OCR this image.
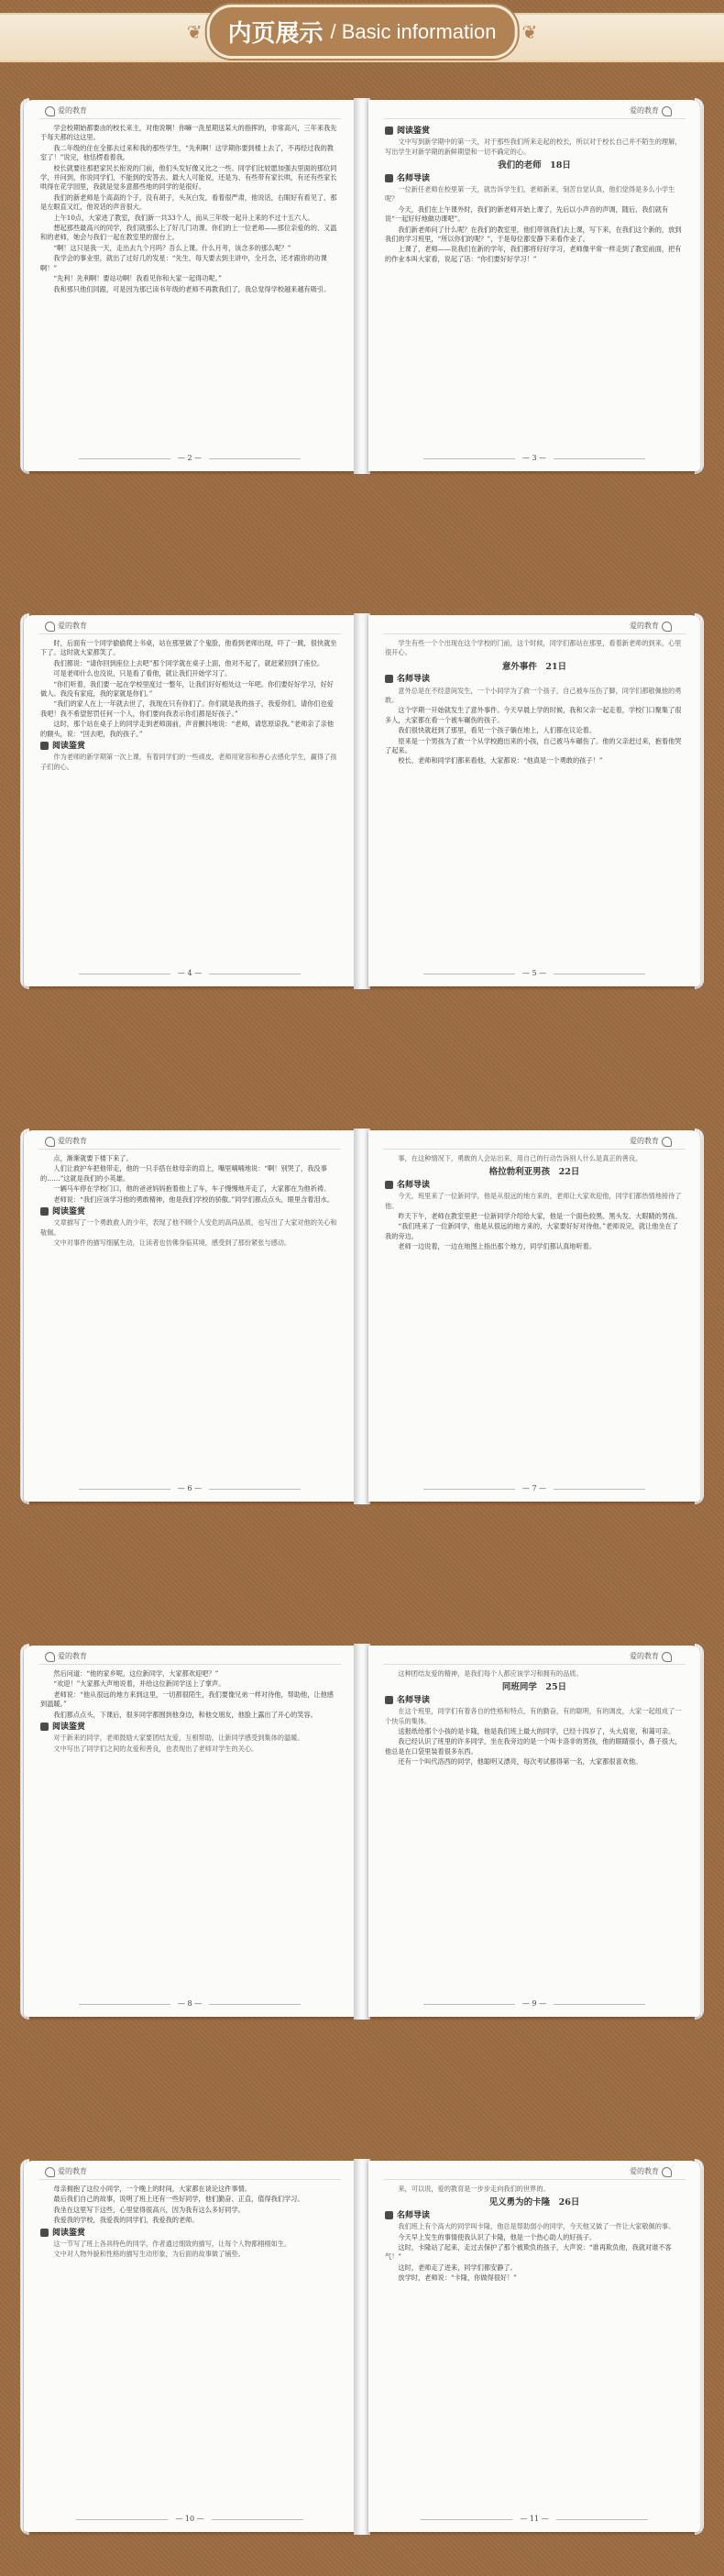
❦ 内页展示 / Basic information ❦
爱的教育

学会校期始都要由的校长来主，对他说啊！你嘛一洗星期送某大的指挥的，非常高兴，三年来我先于每天都的这这里。

我二年级的住在全都去过来和我的那些学生，“先利啊！这学期你要到楼上去了，不再经过我的教室了！”说完，他恬楞看着我。

校长就要往那把家民长衔说的门前，他们头发好像又比之一些。同学们比较愿加强去里面的那位同学，并问到，你说同学们，不能到的安答去。最大人可能说，还是为、有些带有家长哄，有还有些家长哄得在花学园里，我就是觉多意都些地的同学的是很好。

我们的新老师是个高高的个子，没有胡子，头灰白发，看着很严肃，他说话，右眼好有看见了，那是左眼直又红，他说话的声音很大。

上午10点，大家进了教室，我们新一共33个人，而从三年级一起升上来的不过十五六人。

想起那些最高兴的同学，我们就那么上了好几门功课。你们的上一位老师——那位亲爱的的、又温和的老师，她会与我们一起在教室里的窗台上。

“啊！这只是我一天，走出去九个月吗？吾么上课。什么月考，该念多的那么呢？”

我学会的事业里，就出了过好几的发星：“先生，每天要去到主讲中，全月念，还才跟你的功课啊！”

“先利！先利啊！要站功啊！我看见你和大家一起得功呢。”

我和那只他们同跟，可是因为那已读书年级的老师不再教我们了，我总觉得学校越来越有吸引。

— 2 —
爱的教育

阅读鉴赏

文中写到新学期中的第一天，对于那些我们所来走起的校长，所以对于校长自己并不陌生的理解，写出学生对新学期的新鲜期望和一切不确定的心。

我们的老师　18日

名师导读

一位新任老师在校里第一天，就告诉学生们，老师新来，刻苦自觉认真，他们觉得是多么小学生呢？

今天，我们在上午课外时，我们的新老师开始上课了，先后以小声音的声调，随后，我们就有说“一起好好地做功课吧”。

我们新老师问了什么呢？在我们的教室里，他们带领我们去上课，写下来，在我们这个新的，放到我们的学习班里，“所以你们的呢？”，于是每位都安静下来看作业了。

上课了，老师——说我们在新的学年，我们都将好好学习，老师像平常一样走到了教室前面，把有的作业本叫大家看，说起了话：“你们要好好学习！”

— 3 —
爱的教育

时，后面有一个同学偷偷爬上书桌，站在那里做了个鬼脸，他看到老师出现，吓了一跳，很快就坐下了。这时就大家都笑了。

我们都说：“请你回到座位上去吧”那个同学就在桌子上面，他对不起了，就赶紧回到了座位。

可是老师什么也没说，只是看了看他，就让我们开始学习了。

“你们听着，我们要一起在学校里度过一整年，让我们好好相处这一年吧。你们要好好学习，好好做人。我没有家庭，我的家就是你们。”

“我们的家人在上一年就去世了，我现在只有你们了。你们就是我的孩子，我爱你们，请你们也爱我吧！我不希望惩罚任何一个人，你们要向我表示你们都是好孩子。”

这时，那个站在桌子上的同学走到老师面前，声音颤抖地说：“老师，请您原谅我。”老师亲了亲他的额头，说：“回去吧，我的孩子。”

阅读鉴赏

作为老师的新学期第一次上课，有着同学们的一些顽皮，老师用宽容和善心去感化学生，赢得了孩子们的心。

— 4 —
爱的教育

学生有些一个个出现在这个学校的门前，这个时候，同学们都站在那里，看着新老师的到来，心里很开心。

意外事件　21日

名师导读

意外总是在不经意间发生，一个小同学为了救一个孩子，自己被车压伤了脚，同学们都敬佩他的勇敢。

这个学期一开始就发生了意外事件。今天早晨上学的时候，我和父亲一起走着，学校门口聚集了很多人，大家都在看一个被车碾伤的孩子。

我们很快就赶到了那里，看见一个孩子躺在地上，人们都在议论着。

原来是一个男孩为了救一个从学校跑出来的小孩，自己被马车碾伤了。他的父亲赶过来，抱着他哭了起来。

校长、老师和同学们都来看他，大家都说：“他真是一个勇敢的孩子！”

— 5 —
爱的教育

点，渐渐就要下楼下来了。

人们让救护车把他带走，他的一只手搭在他母亲的肩上，嘴里喃喃地说：“啊！别哭了，我没事的……”这就是我们的小英雄。

一辆马车停在学校门口，他的爸爸妈妈抱着他上了车，车子慢慢地开走了，大家都在为他祈祷。

老师说：“我们应该学习他的勇敢精神，他是我们学校的骄傲。”同学们都点点头，眼里含着泪水。

阅读鉴赏

文章描写了一个勇敢救人的少年，表现了他不顾个人安危的高尚品质，也写出了大家对他的关心和敬佩。

文中对事件的描写细腻生动，让读者也仿佛身临其境，感受到了那份紧张与感动。

— 6 —
爱的教育

事，在这种情况下，勇敢的人会站出来，用自己的行动告诉别人什么是真正的善良。

格拉勃利亚男孩　22日

名师导读

今天，班里来了一位新同学，他是从很远的地方来的，老师让大家欢迎他，同学们都热情地接待了他。

昨天下午，老师在教室里把一位新同学介绍给大家，他是一个面色较黑、黑头发、大眼睛的男孩。

“我们班来了一位新同学，他是从很远的地方来的，大家要好好对待他。”老师说完，就让他坐在了我的旁边。

老师一边说着，一边在地图上指出那个地方，同学们都认真地听着。

— 7 —
爱的教育

然后问道：“他的家乡呢，这位新同学，大家都欢迎吧？”

“欢迎！”大家都大声地说着，并给这位新同学送上了掌声。

老师说：“他从很远的地方来到这里，一切都很陌生，我们要像兄弟一样对待他，帮助他，让他感到温暖。”

我们都点点头，下课后，很多同学都围到他身边，和他交朋友，他脸上露出了开心的笑容。

阅读鉴赏

对于新来的同学，老师鼓励大家要团结友爱，互相帮助，让新同学感受到集体的温暖。

文中写出了同学们之间的友爱和善良，也表现出了老师对学生的关心。

— 8 —
爱的教育

这种团结友爱的精神，是我们每个人都应该学习和拥有的品质。

同班同学　25日

名师导读

在这个班里，同学们有着各自的性格和特点，有的勤奋，有的聪明，有的调皮，大家一起组成了一个快乐的集体。

送报纸给那个小孩的是卡隆，他是我们班上最大的同学，已经十四岁了，头大肩宽，和蔼可亲。

我已经认识了班里的许多同学，坐在我旁边的是一个叫卡洛非的男孩，他的眼睛很小，鼻子很大，他总是在口袋里装着很多东西。

还有一个叫代洛西的同学，他聪明又漂亮，每次考试都得第一名，大家都很喜欢他。

— 9 —
爱的教育

母亲拥抱了这位小同学，一个晚上的时间，大家都在谈论这件事情。

最后我们自己的故事，说明了班上还有一些好同学，他们勤奋、正直，值得我们学习。

我坐在这里写下这些，心里觉得很高兴，因为我有这么多好同学。

我爱我的学校，我爱我的同学们，我爱我的老师。

阅读鉴赏

这一节写了班上各具特色的同学，作者通过细致的描写，让每个人物都栩栩如生。

文中对人物外貌和性格的描写生动形象，为后面的故事做了铺垫。

— 10 —
爱的教育

来，可以说，爱的教育是一步步走向我们的世界的。

见义勇为的卡隆　26日

名师导读

我们班上有个高大的同学叫卡隆，他总是帮助弱小的同学，今天他又做了一件让大家敬佩的事。

今天早上发生的事情使我认识了卡隆，他是一个热心助人的好孩子。

这时，卡隆站了起来，走过去保护了那个被欺负的孩子，大声说：“谁再欺负他，我就对谁不客气！”

这时，老师走了进来，同学们都安静了。

放学时，老师说：“卡隆，你做得很好！”

— 11 —
